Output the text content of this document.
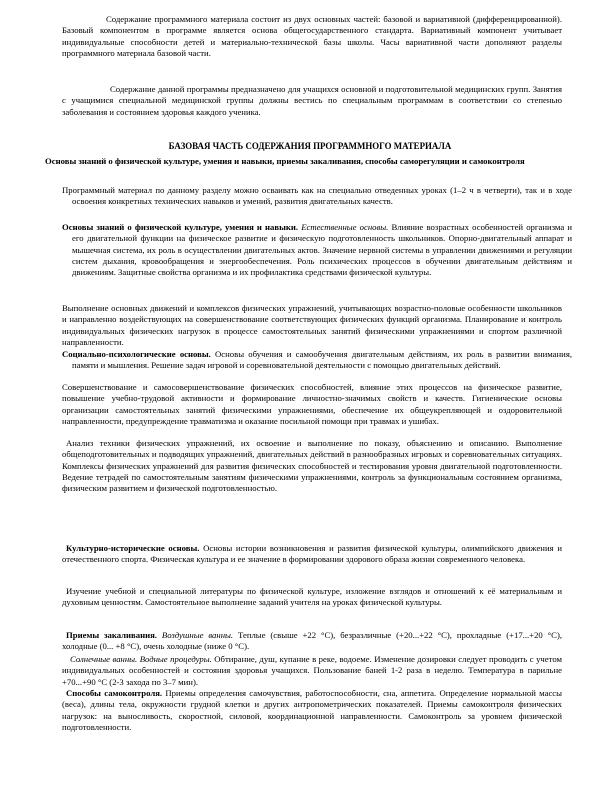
Содержание программного материала состоит из двух основных частей: базовой и вариативной (дифференцированной). Базовый компонентом в программе является основа общегосударственного стандарта. Вариативный компонент учитывает индивидуальные способности детей и материально-технической базы школы. Часы вариативной части дополняют разделы программного материала базовой части.

Содержание данной программы предназначено для учащихся основной и подготовительной медицинских групп. Занятия с учащимися специальной медицинской группы должны вестись по специальным программам в соответствии со степенью заболевания и состоянием здоровья каждого ученика.

БАЗОВАЯ ЧАСТЬ СОДЕРЖАНИЯ ПРОГРАММНОГО МАТЕРИАЛА
Основы знаний о физической культуре, умения и навыки, приемы закаливания, способы саморегуляции и самоконтроля

Программный материал по данному разделу можно осваивать как на специально отведенных уроках (1–2 ч в четверти), так и в ходе освоения конкретных технических навыков и умений, развития двигательных качеств.

Основы знаний о физической культуре, умения и навыки. Естественные основы. Влияние возрастных особенностей организма и его двигательной функции на физическое развитие и физическую подготовленность школьников. Опорно-двигательный аппарат и мышечная система, их роль в осуществлении двигательных актов. Значение нервной системы в управлении движениями и регуляции систем дыхания, кровообращения и энергообеспечения. Роль психических процессов в обучении двигательным действиям и движениям. Защитные свойства организма и их профилактика средствами физической культуры.

Выполнение основных движений и комплексов физических упражнений, учитывающих возрастно-половые особенности школьников и направленно воздействующих на совершенствование соответствующих физических функций организма. Планирование и контроль индивидуальных физических нагрузок в процессе самостоятельных занятий физическими упражнениями и спортом различной направленности.

Социально-психологические основы. Основы обучения и самообучения двигательным действиям, их роль в развитии внимания, памяти и мышления. Решение задач игровой и соревновательной деятельности с помощью двигательных действий.

Совершенствование и самосовершенствование физических способностей, влияние этих процессов на физическое развитие, повышение учебно-трудовой активности и формирование личностно-значимых свойств и качеств. Гигиенические основы организации самостоятельных занятий физическими упражнениями, обеспечение их общеукрепляющей и оздоровительной направленности, предупреждение травматизма и оказание посильной помощи при травмах и ушибах.

Анализ техники физических упражнений, их освоение и выполнение по показу, объяснению и описанию. Выполнение общеподготовительных и подводящих упражнений, двигательных действий в разнообразных игровых и соревновательных ситуациях. Комплексы физических упражнений для развития физических способностей и тестирования уровня двигательной подготовленности. Ведение тетрадей по самостоятельным занятиям физическими упражнениями, контроль за функциональным состоянием организма, физическим развитием и физической подготовленностью.

Культурно-исторические основы. Основы истории возникновения и развития физической культуры, олимпийского движения и отечественного спорта. Физическая культура и ее значение в формировании здорового образа жизни современного человека.

Изучение учебной и специальной литературы по физической культуре, изложение взглядов и отношений к её материальным и духовным ценностям. Самостоятельное выполнение заданий учителя на уроках физической культуры.

Приемы закаливания. Воздушные ванны. Теплые (свыше +22 °С), безразличные (+20...+22 °С), прохладные (+17...+20 °С), холодные (0... +8 °С), очень холодные (ниже 0 °С).

Солнечные ванны. Водные процедуры. Обтирание, душ, купание в реке, водоеме. Изменение дозировки следует проводить с учетом индивидуальных особенностей и состояния здоровья учащихся. Пользование баней 1-2 раза в неделю. Температура в парильне +70...+90 °С (2-3 захода по 3–7 мин).

Способы самоконтроля. Приемы определения самочувствия, работоспособности, сна, аппетита. Определение нормальной массы (веса), длины тела, окружности грудной клетки и других антропометрических показателей. Приемы самоконтроля физических нагрузок: на выносливость, скоростной, силовой, координационной направленности. Самоконтроль за уровнем физической подготовленности.
